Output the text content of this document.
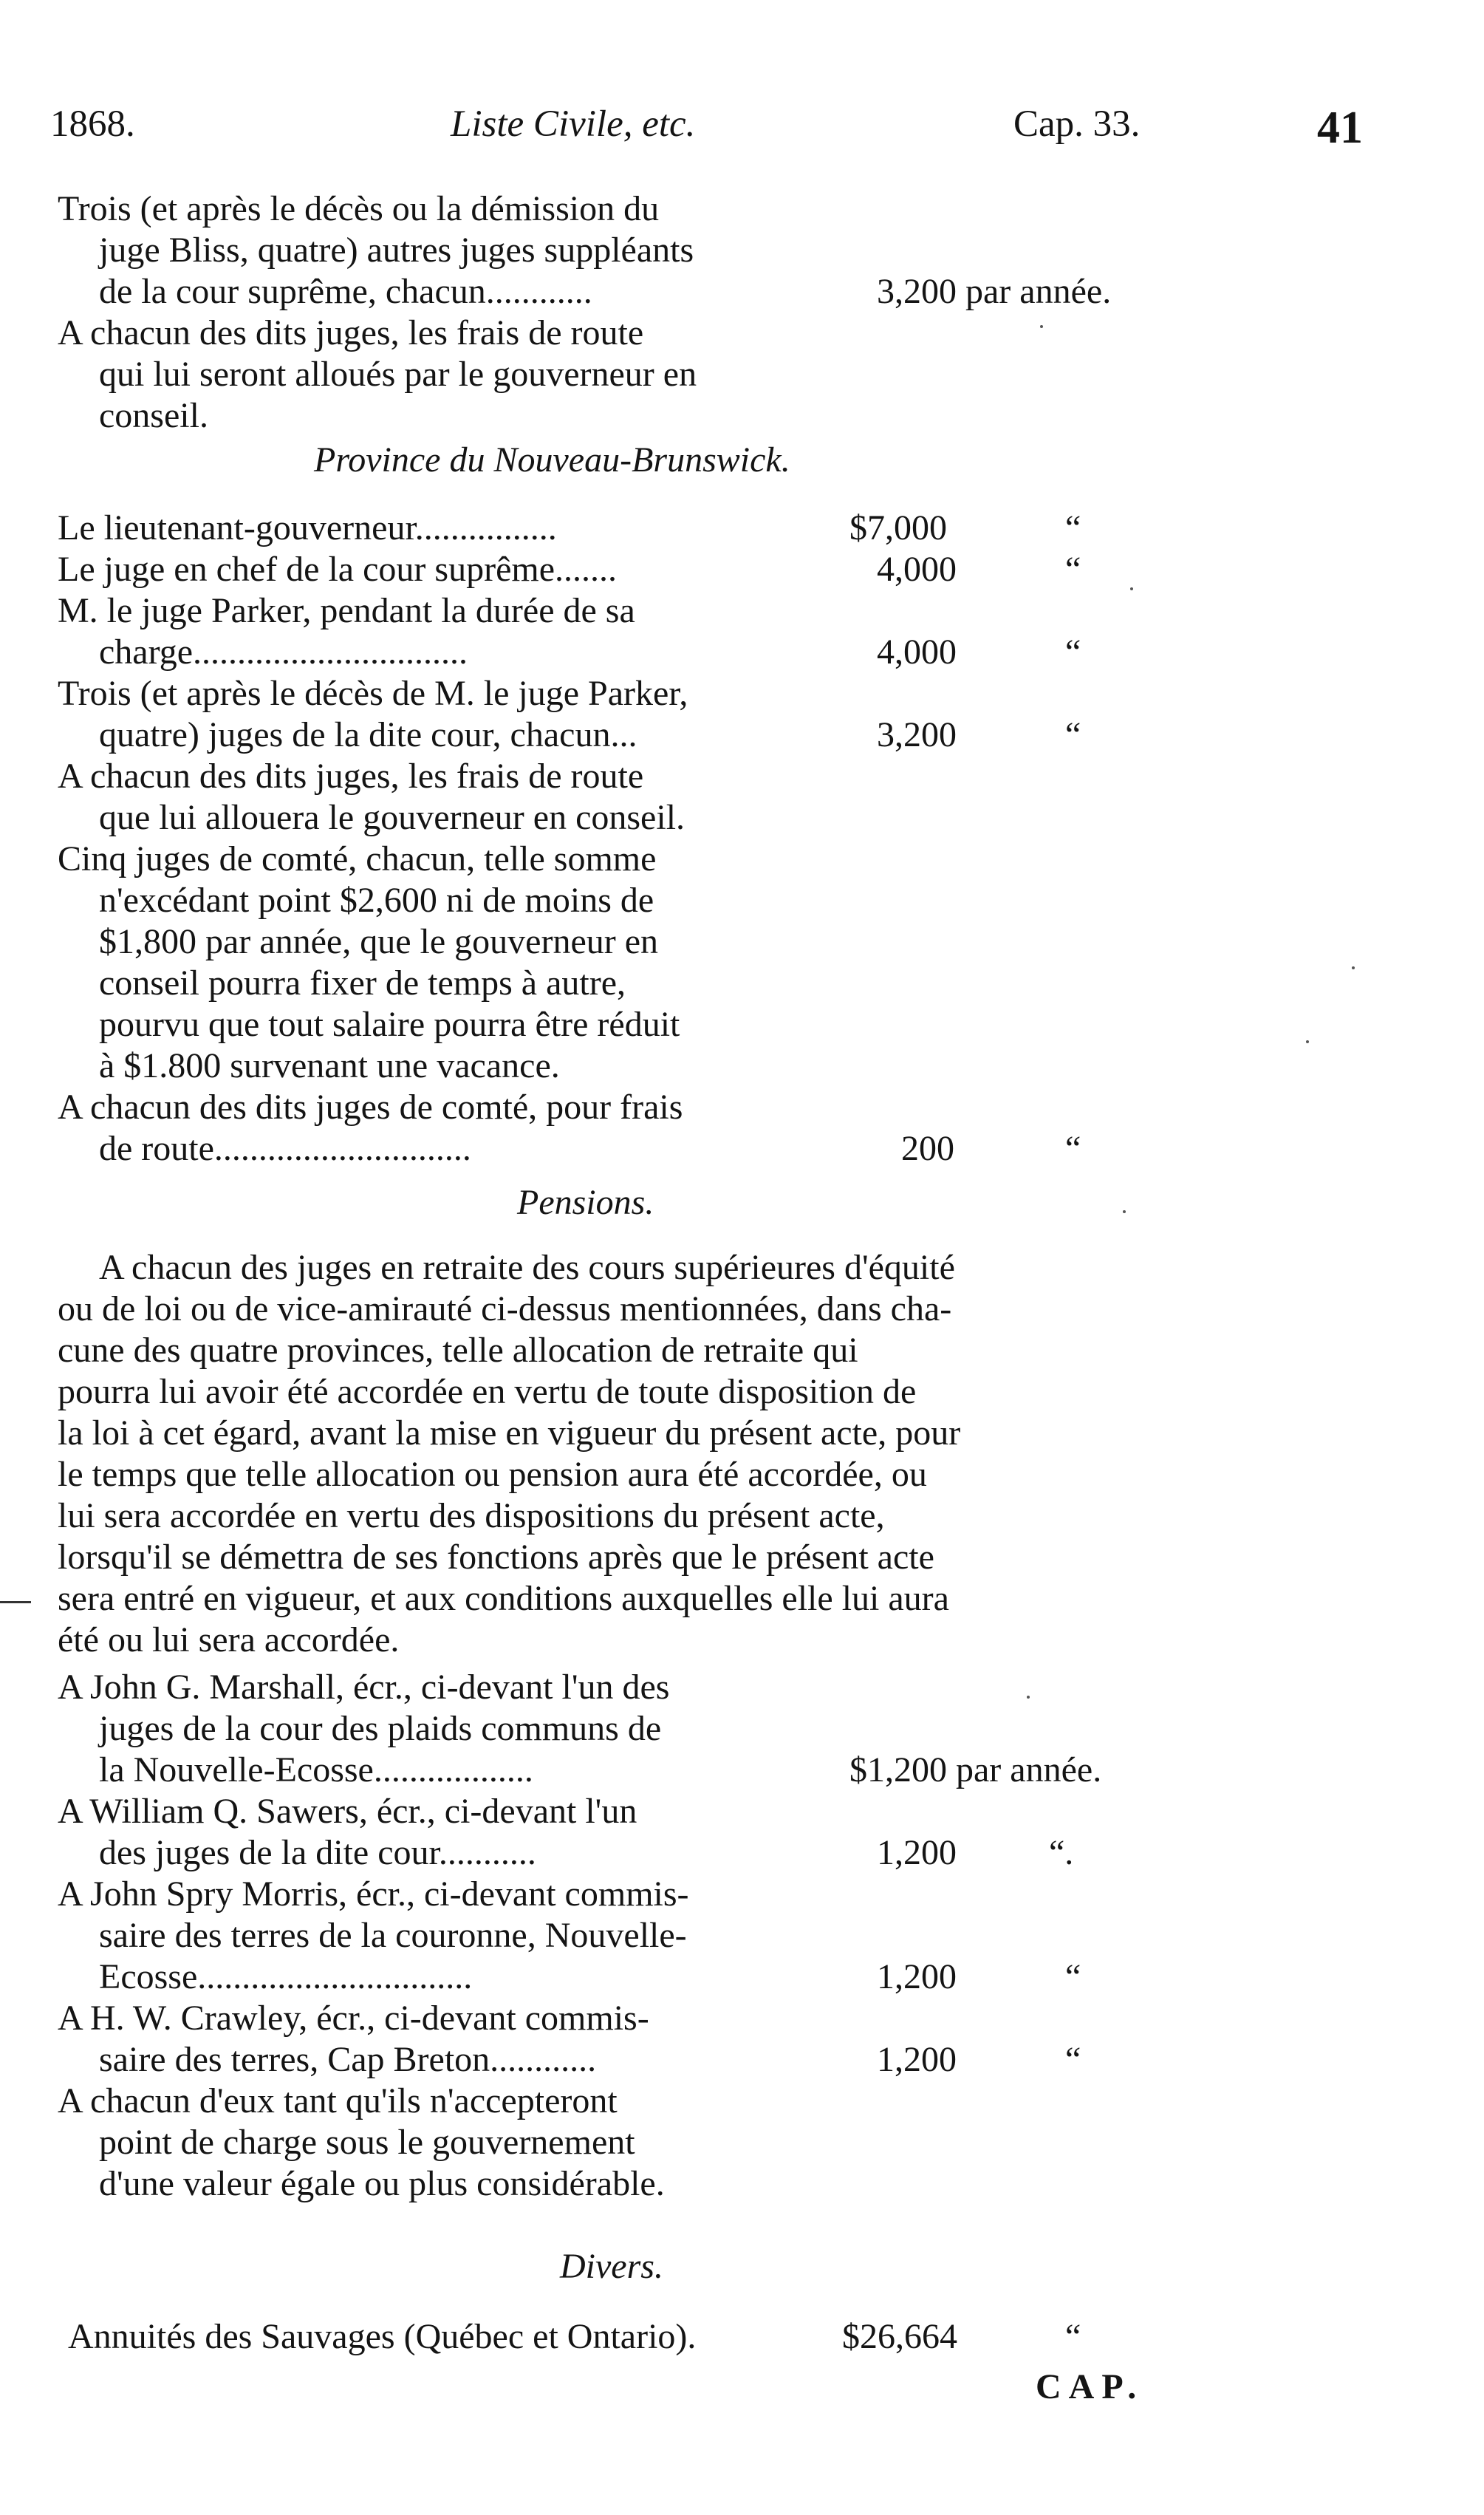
1868.	Liste Civile, etc.	Cap. 33.	41
Trois (et après le décès ou la démission du
juge Bliss, quatre) autres juges suppléants
de la cour suprême, chacun............	3,200 par année.
A chacun des dits juges, les frais de route
qui lui seront alloués par le gouverneur en
conseil.
Province du Nouveau-Brunswick.
Le lieutenant-gouverneur................	$7,000	“
Le juge en chef de la cour suprême.......	4,000	“
M. le juge Parker, pendant la durée de sa
charge...............................	4,000	“
Trois (et après le décès de M. le juge Parker,
quatre) juges de la dite cour, chacun...	3,200	“
A chacun des dits juges, les frais de route
que lui allouera le gouverneur en conseil.
Cinq juges de comté, chacun, telle somme
n'excédant point $2,600 ni de moins de
$1,800 par année, que le gouverneur en
conseil pourra fixer de temps à autre,
pourvu que tout salaire pourra être réduit
à $1.800 survenant une vacance.
A chacun des dits juges de comté, pour frais
de route.............................	200	“
Pensions.
A chacun des juges en retraite des cours supérieures d'équité
ou de loi ou de vice-amirauté ci-dessus mentionnées, dans cha-
cune des quatre provinces, telle allocation de retraite qui
pourra lui avoir été accordée en vertu de toute disposition de
la loi à cet égard, avant la mise en vigueur du présent acte, pour
le temps que telle allocation ou pension aura été accordée, ou
lui sera accordée en vertu des dispositions du présent acte,
lorsqu'il se démettra de ses fonctions après que le présent acte
sera entré en vigueur, et aux conditions auxquelles elle lui aura
été ou lui sera accordée.
A John G. Marshall, écr., ci-devant l'un des
juges de la cour des plaids communs de
la Nouvelle-Ecosse..................	$1,200 par année.
A William Q. Sawers, écr., ci-devant l'un
des juges de la dite cour...........	1,200	“.
A John Spry Morris, écr., ci-devant commis-
saire des terres de la couronne, Nouvelle-
Ecosse...............................	1,200	“
A H. W. Crawley, écr., ci-devant commis-
saire des terres, Cap Breton............	1,200	“
A chacun d'eux tant qu'ils n'accepteront
point de charge sous le gouvernement
d'une valeur égale ou plus considérable.
Divers.
Annuités des Sauvages (Québec et Ontario).	$26,664	“
CAP.
